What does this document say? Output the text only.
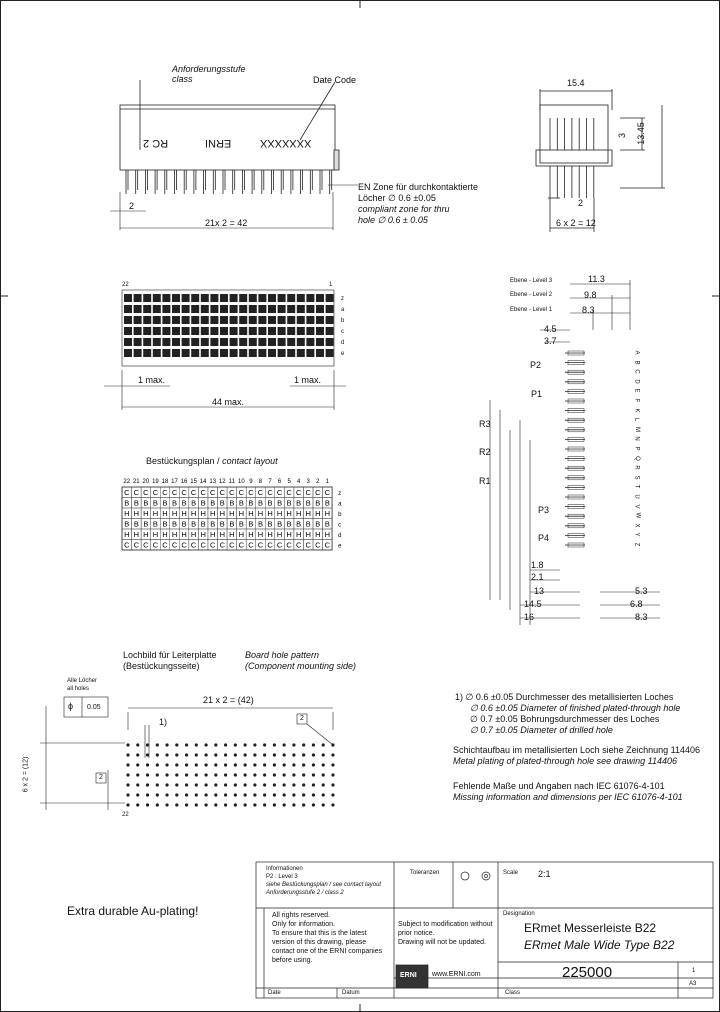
22 21 20 19 18 17 16 15 14 13 12 11 10 9 8 7 6 5 4 3 2 1
C C C C C C C C C C C C C C C C C C C C C C z
B B B B B B B B B B B B B B B B B B B B B B a
H H H H H H H H H H H H H H H H H H H H H H b
B B B B B B B B B B B B B B B B B B B B B B c
H H H H H H H H H H H H H H H H H H H H H H d
C C C C C C C C C C C C C C C C C C C C C C e
Anforderungsstufe
class	Date Code
RC 2	ERNI	XXXXXXX
2
21x 2 = 42
EN Zone für durchkontaktierte
Löcher ∅ 0.6 ±0.05
compliant zone for thru
hole ∅ 0.6 ± 0.05
15.4
3 13.45
2
6 x 2 = 12
22	1
z
a
b
c
d
e
1 max.	1 max.
44 max.
Bestückungsplan / contact layout
Ebene - Level 3
Ebene - Level 2
Ebene - Level 1
11.3
9.8
8.3
4.5
3.7
P2
P1
R3
R2
R1
P3
P4
A
B
C
D
E
F
K
L
M
N
P
Q
R
S
T
U
V
W
X
Y
Z
1.8
2.1
13
14.5
16
5.3
6.8
8.3
Lochbild für Leiterplatte
(Bestückungsseite)
Board hole pattern
(Component mounting side)
Alle Löcher
all holes
ϕ 0.05
21 x 2 = (42)
1)	2
2
6 x 2 = (12)
22
1) ∅ 0.6 ±0.05 Durchmesser des metallisierten Loches
∅ 0.6 ±0.05 Diameter of finished plated-through hole
∅ 0.7 ±0.05 Bohrungsdurchmesser des Loches
∅ 0.7 ±0.05 Diameter of drilled hole
Schichtaufbau im metallisierten Loch siehe Zeichnung 114406
Metal plating of plated-through hole see drawing 114406
Fehlende Maße und Angaben nach IEC 61076-4-101
Missing information and dimensions per IEC 61076-4-101
Informationen
P2 : Level 3
siehe Bestückungsplan / see contact layout
Anforderungsstufe 2 / class 2
Toleranzen	Scale 2:1
Extra durable Au-plating!	All rights reserved.
Only for information.
To ensure that this is the latest
version of this drawing, please
contact one of the ERNI companies
before using.
Subject to modification without
prior notice.
Drawing will not be updated.
Designation
ERmet Messerleiste B22
ERmet Male Wide Type B22
ERNI www.ERNI.com	225000	1
A3
Date	Datum	Class
